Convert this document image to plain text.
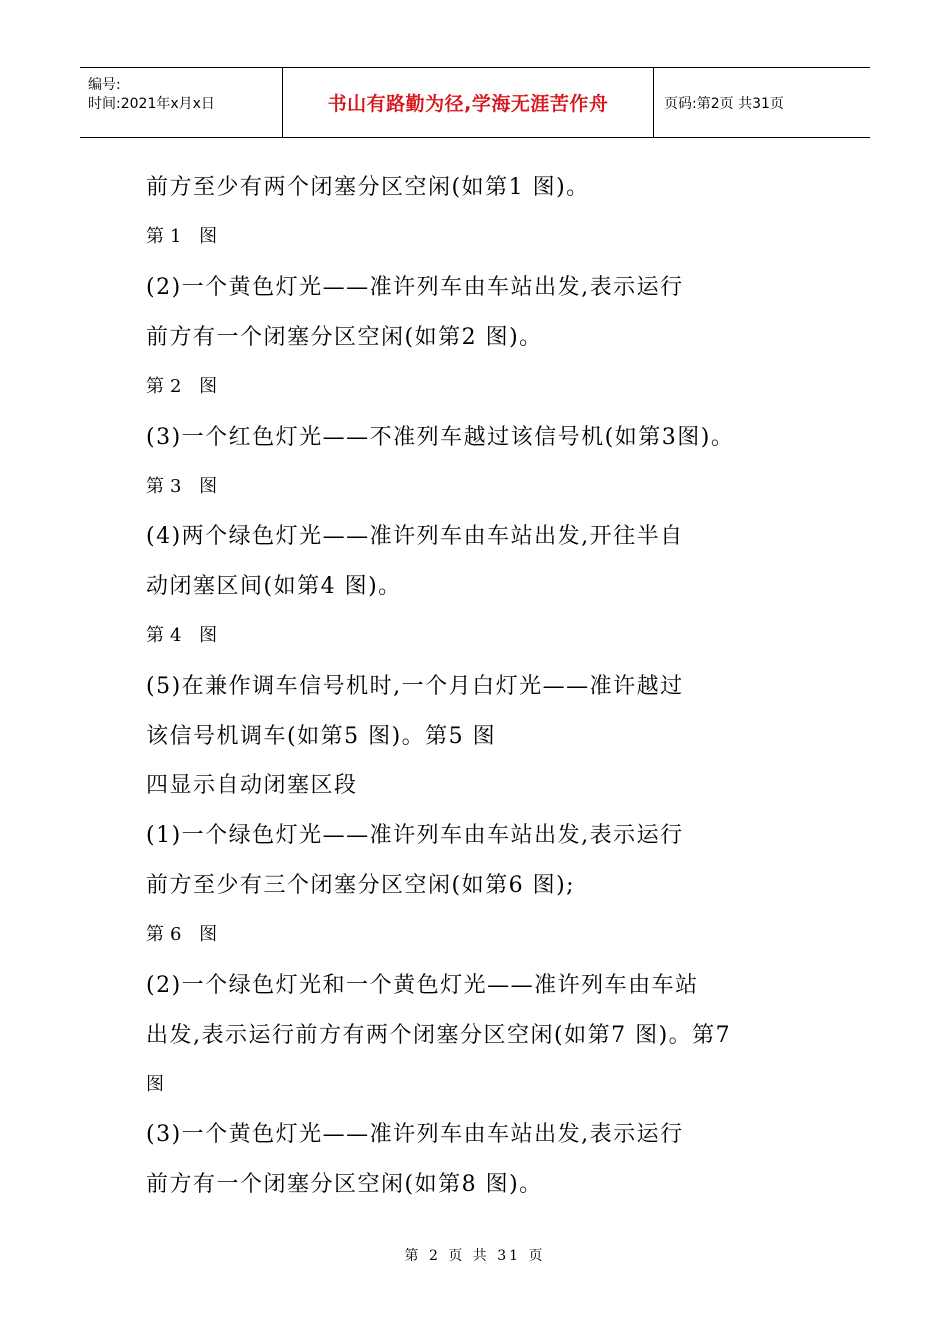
编号:
时间:2021年x月x日	书山有路勤为径,学海无涯苦作舟	页码:第2页 共31页
前方至少有两个闭塞分区空闲(如第1 图)。
第1 图
(2)一个黄色灯光——准许列车由车站出发,表示运行
前方有一个闭塞分区空闲(如第2 图)。
第2 图
(3)一个红色灯光——不准列车越过该信号机(如第3图)。
第3 图
(4)两个绿色灯光——准许列车由车站出发,开往半自
动闭塞区间(如第4 图)。
第4 图
(5)在兼作调车信号机时,一个月白灯光——准许越过
该信号机调车(如第5 图)。第5 图
四显示自动闭塞区段
(1)一个绿色灯光——准许列车由车站出发,表示运行
前方至少有三个闭塞分区空闲(如第6 图);
第6 图
(2)一个绿色灯光和一个黄色灯光——准许列车由车站
出发,表示运行前方有两个闭塞分区空闲(如第7 图)。第7
图
(3)一个黄色灯光——准许列车由车站出发,表示运行
前方有一个闭塞分区空闲(如第8 图)。
第 2 页 共 31 页
